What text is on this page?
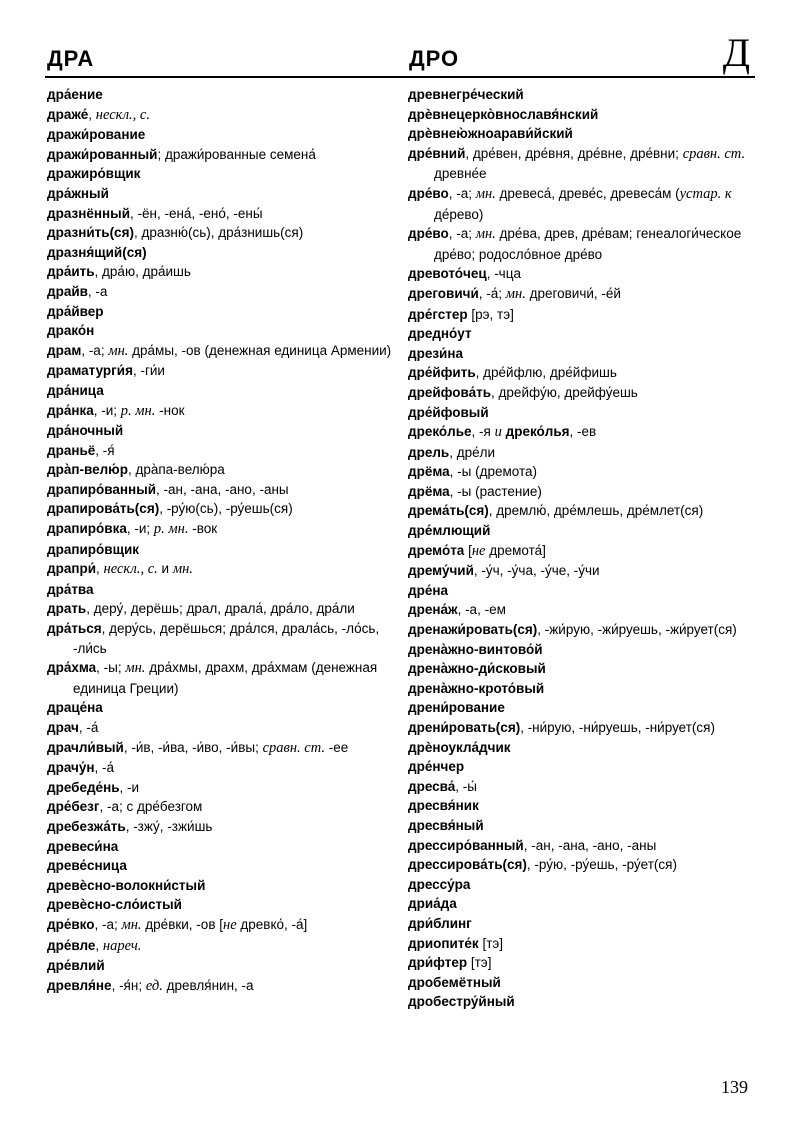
ДРА	ДРО	Д
дра́ение
драже́, нескл., с.
дражи́рование
дражи́рованный; дражи́рованные семена́
дражиро́вщик
дра́жный
дразнённый, -ён, -ена́, -ено́, -ены́
дразни́ть(ся), дразню́(сь), дра́знишь(ся)
дразня́щий(ся)
дра́ить, дра́ю, дра́ишь
драйв, -а
дра́йвер
драко́н
драм, -а; мн. дра́мы, -ов (денежная единица Армении)
драматурги́я, -ги́и
дра́ница
дра́нка, -и; р. мн. -нок
дра́ночный
драньё, -я́
дра̀п-велю́р, дра̀па-велю́ра
драпиро́ванный, -ан, -ана, -ано, -аны
драпирова́ть(ся), -ру́ю(сь), -ру́ешь(ся)
драпиро́вка, -и; р. мн. -вок
драпиро́вщик
драпри́, нескл., с. и мн.
дра́тва
драть, деру́, дерёшь; драл, драла́, дра́ло, дра́ли
дра́ться, деру́сь, дерёшься; дра́лся, драла́сь, -ло́сь, -ли́сь
дра́хма, -ы; мн. дра́хмы, драхм, дра́хмам (денежная единица Греции)
драце́на
драч, -а́
драчли́вый, -и́в, -и́ва, -и́во, -и́вы; сравн. ст. -ее
драчу́н, -а́
дребеде́нь, -и
дре́безг, -а; с дре́безгом
дребезжа́ть, -зжу́, -зжи́шь
древеси́на
древе́сница
древѐсно-волокни́стый
древѐсно-сло́истый
дре́вко, -а; мн. дре́вки, -ов [не древко́, -а́]
дре́вле, нареч.
дре́влий
древля́не, -я́н; ед. древля́нин, -а
древнегре́ческий
дрѐвнецерко̀внославя́нский
дрѐвнею̀жноарави́йский
дре́вний, дре́вен, дре́вня, дре́вне, дре́вни; сравн. ст. древне́е
дре́во, -а; мн. древеса́, древе́с, древеса́м (устар. к де́рево)
дре́во, -а; мн. дре́ва, древ, дре́вам; генеалоги́ческое дре́во; родосло́вное дре́во
древото́чец, -чца
дреговичи́, -а́; мн. дреговичи́, -е́й
дре́гстер [рэ, тэ]
дредно́ут
дрези́на
дре́йфить, дре́йфлю, дре́йфишь
дрейфова́ть, дрейфу́ю, дрейфу́ешь
дре́йфовый
дреко́лье, -я и дреко́лья, -ев
дрель, дре́ли
дрёма, -ы (дремота)
дрёма, -ы (растение)
дрема́ть(ся), дремлю́, дре́млешь, дре́млет(ся)
дре́млющий
дремо́та [не дремота́]
дрему́чий, -у́ч, -у́ча, -у́че, -у́чи
дре́на
дрена́ж, -а, -ем
дренажи́ровать(ся), -жи́рую, -жи́руешь, -жи́рует(ся)
дрена̀жно-винтово́й
дрена̀жно-ди́сковый
дрена̀жно-крото́вый
дрени́рование
дрени́ровать(ся), -ни́рую, -ни́руешь, -ни́рует(ся)
дрѐноукла́дчик
дре́нчер
дресва́, -ы́
дресвя́ник
дресвя́ный
дрессиро́ванный, -ан, -ана, -ано, -аны
дрессирова́ть(ся), -ру́ю, -ру́ешь, -ру́ет(ся)
дрессу́ра
дриа́да
дри́блинг
дриопите́к [тэ]
дри́фтер [тэ]
дробемётный
дробестру́йный
139
